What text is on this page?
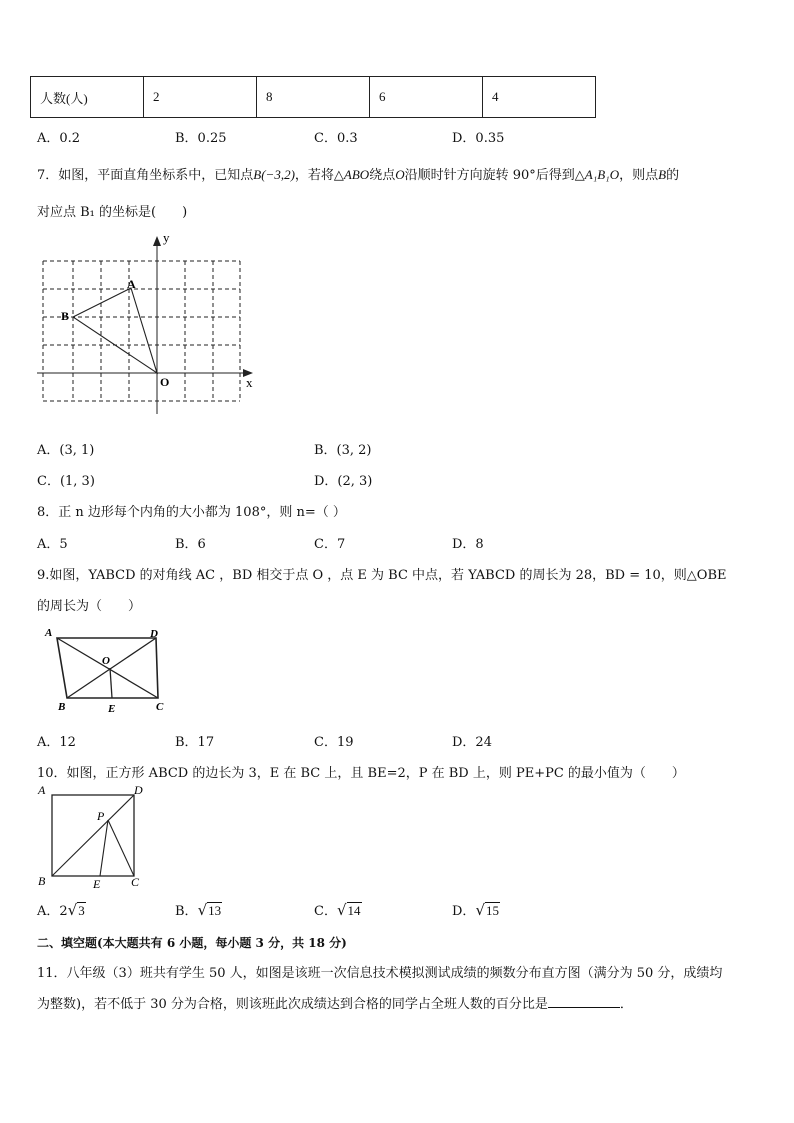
人数(人)	2	8	6	4
A．0.2	B．0.25	C．0.3	D．0.35
7．如图，平面直角坐标系中，已知点B(−3,2)，若将△ABO绕点O沿顺时针方向旋转 90°后得到△A₁B₁O，则点B的
对应点 B₁ 的坐标是(　　)
y
x
O
A
B
A．(3, 1)	B．(3, 2)
C．(1, 3)	D．(2, 3)
8．正 n 边形每个内角的大小都为 108°，则 n=（ ）
A．5	B．6	C．7	D．8
9.如图，YABCD 的对角线 AC ，BD 相交于点 O ，点 E 为 BC 中点，若 YABCD 的周长为 28，BD = 10，则△OBE
的周长为（　　）
A	D
O
B	E	C
A．12	B．17	C．19	D．24
10．如图，正方形 ABCD 的边长为 3，E 在 BC 上，且 BE=2，P 在 BD 上，则 PE+PC 的最小值为（　　）
A	D
P
B	E	C
A．2√3	B．√13	C．√14	D．√15
二、填空题(本大题共有 6 小题，每小题 3 分，共 18 分)
11．八年级（3）班共有学生 50 人，如图是该班一次信息技术模拟测试成绩的频数分布直方图（满分为 50 分，成绩均
为整数)，若不低于 30 分为合格，则该班此次成绩达到合格的同学占全班人数的百分比是	．
